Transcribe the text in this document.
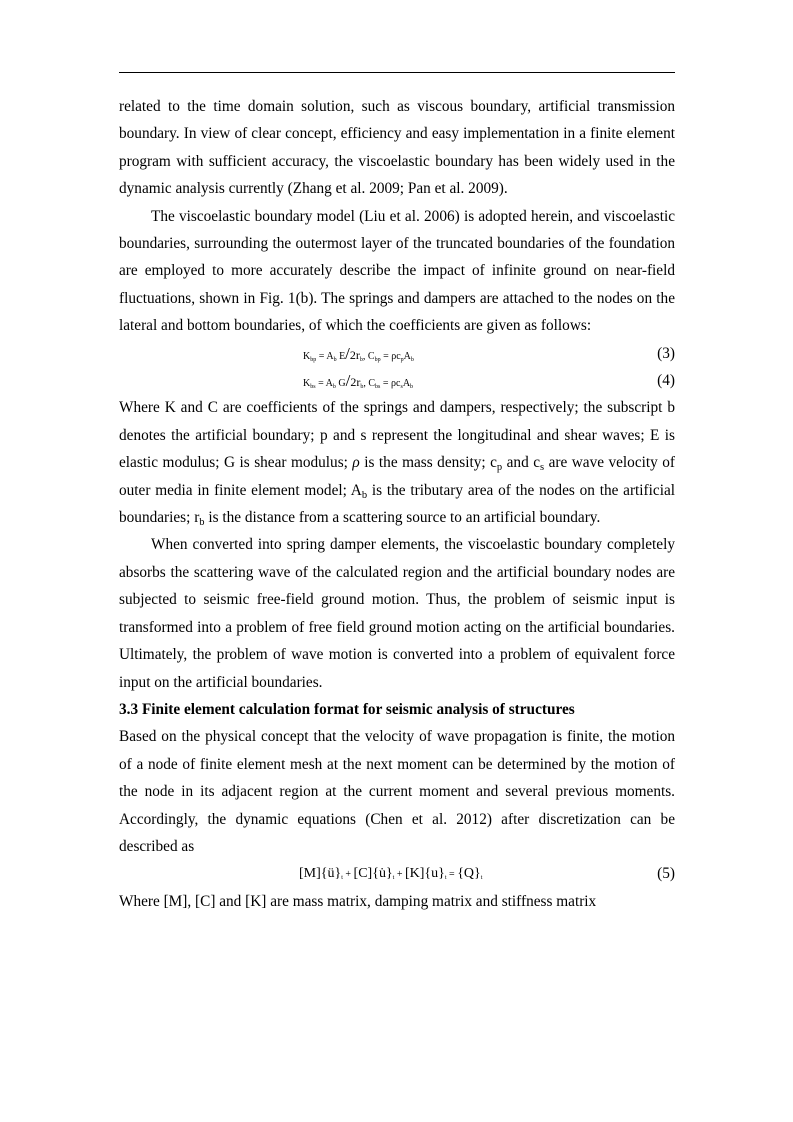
related to the time domain solution, such as viscous boundary, artificial transmission boundary. In view of clear concept, efficiency and easy implementation in a finite element program with sufficient accuracy, the viscoelastic boundary has been widely used in the dynamic analysis currently (Zhang et al. 2009; Pan et al. 2009).

The viscoelastic boundary model (Liu et al. 2006) is adopted herein, and viscoelastic boundaries, surrounding the outermost layer of the truncated boundaries of the foundation are employed to more accurately describe the impact of infinite ground on near-field fluctuations, shown in Fig. 1(b). The springs and dampers are attached to the nodes on the lateral and bottom boundaries, of which the coefficients are given as follows:

$K_{bp} = A_b$ $E/2r_b$, $C_{bp} = \rho c_pA_b$	(3)
$K_{bs} = A_b$ $G/2r_b$, $C_{bs} = \rho c_sA_b$	(4)

Where K and C are coefficients of the springs and dampers, respectively; the subscript b denotes the artificial boundary; p and s represent the longitudinal and shear waves; E is elastic modulus; G is shear modulus; ρ is the mass density; $c_p$ and $c_s$ are wave velocity of outer media in finite element model; $A_b$ is the tributary area of the nodes on the artificial boundaries; $r_b$ is the distance from a scattering source to an artificial boundary.

When converted into spring damper elements, the viscoelastic boundary completely absorbs the scattering wave of the calculated region and the artificial boundary nodes are subjected to seismic free-field ground motion. Thus, the problem of seismic input is transformed into a problem of free field ground motion acting on the artificial boundaries. Ultimately, the problem of wave motion is converted into a problem of equivalent force input on the artificial boundaries.

3.3 Finite element calculation format for seismic analysis of structures

Based on the physical concept that the velocity of wave propagation is finite, the motion of a node of finite element mesh at the next moment can be determined by the motion of the node in its adjacent region at the current moment and several previous moments. Accordingly, the dynamic equations (Chen et al. 2012) after discretization can be described as

$[M]\{ü\}_t$ + $[C]\{u̇\}_t + [K]\{u\}_t = \{Q\}_t$	(5)

Where [M], [C] and [K] are mass matrix, damping matrix and stiffness matrix
